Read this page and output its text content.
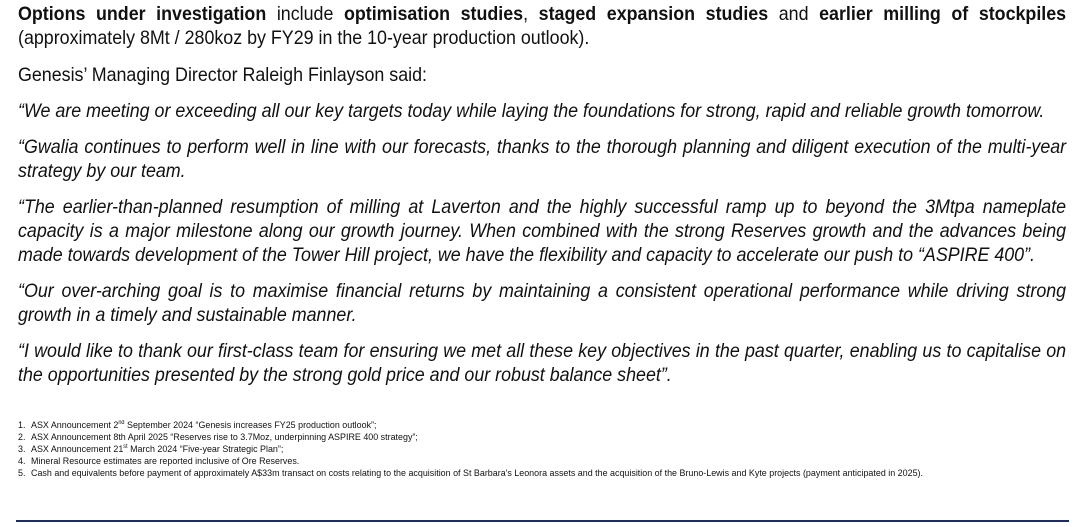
Options under investigation include optimisation studies, staged expansion studies and earlier milling of stockpiles (approximately 8Mt / 280koz by FY29 in the 10-year production outlook).

Genesis’ Managing Director Raleigh Finlayson said:

“We are meeting or exceeding all our key targets today while laying the foundations for strong, rapid and reliable growth tomorrow.

“Gwalia continues to perform well in line with our forecasts, thanks to the thorough planning and diligent execution of the multi-year strategy by our team.

“The earlier-than-planned resumption of milling at Laverton and the highly successful ramp up to beyond the 3Mtpa nameplate capacity is a major milestone along our growth journey. When combined with the strong Reserves growth and the advances being made towards development of the Tower Hill project, we have the flexibility and capacity to accelerate our push to “ASPIRE 400”.

“Our over-arching goal is to maximise financial returns by maintaining a consistent operational performance while driving strong growth in a timely and sustainable manner.

“I would like to thank our first-class team for ensuring we met all these key objectives in the past quarter, enabling us to capitalise on the opportunities presented by the strong gold price and our robust balance sheet”.

1. ASX Announcement 2nd September 2024 “Genesis increases FY25 production outlook”;
2. ASX Announcement 8th April 2025 “Reserves rise to 3.7Moz, underpinning ASPIRE 400 strategy”;
3. ASX Announcement 21st March 2024 “Five-year Strategic Plan”;
4. Mineral Resource estimates are reported inclusive of Ore Reserves.
5. Cash and equivalents before payment of approximately A$33m transact on costs relating to the acquisition of St Barbara's Leonora assets and the acquisition of the Bruno-Lewis and Kyte projects (payment anticipated in 2025).
